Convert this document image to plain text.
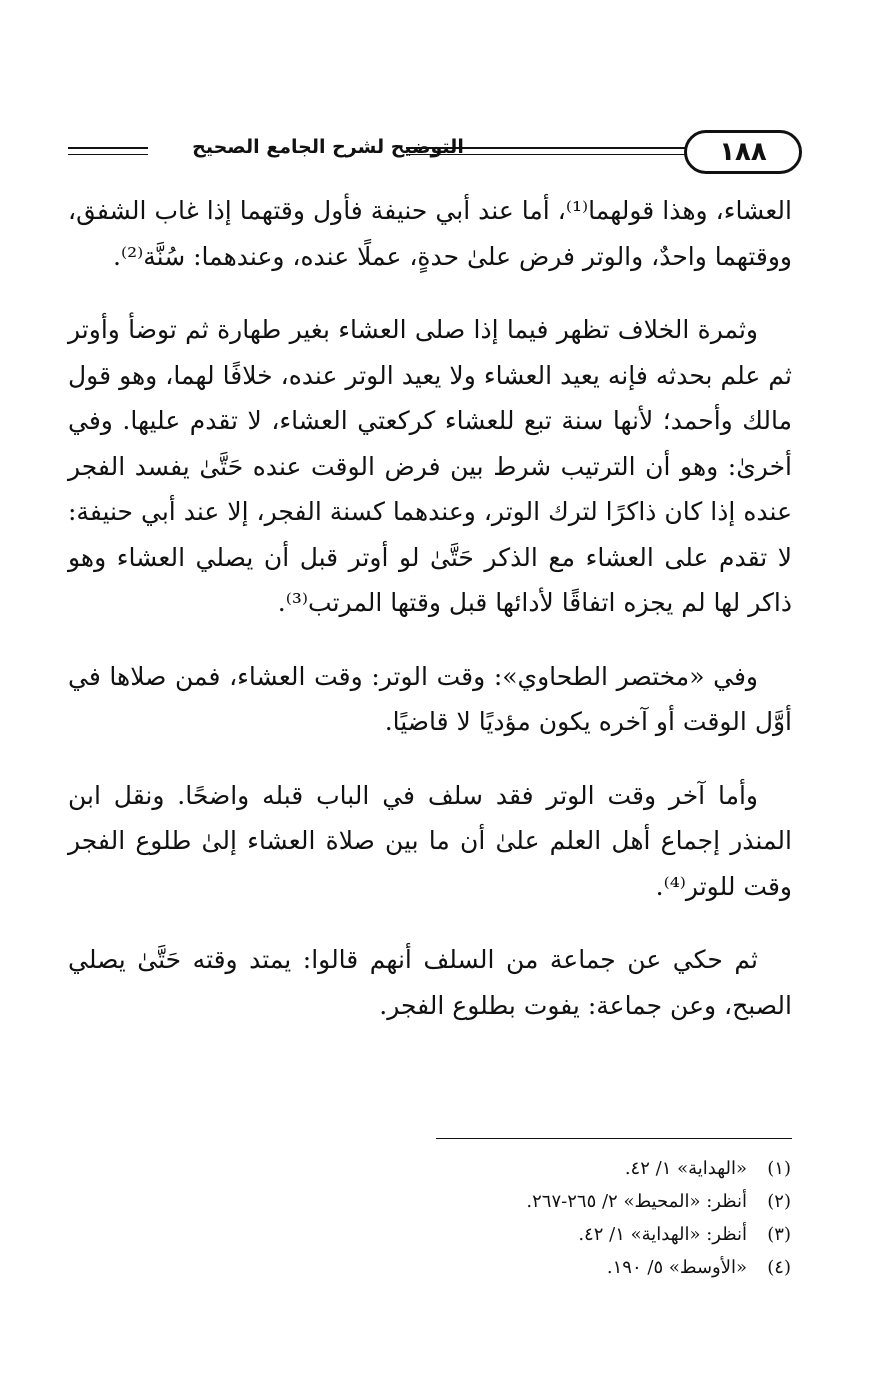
١٨٨
التوضيح لشرح الجامع الصحيح

العشاء، وهذا قولهما⁽¹⁾، أما عند أبي حنيفة فأول وقتهما إذا غاب الشفق، ووقتهما واحدٌ، والوتر فرض علىٰ حدةٍ، عملًا عنده، وعندهما: سُنَّة⁽²⁾.

وثمرة الخلاف تظهر فيما إذا صلى العشاء بغير طهارة ثم توضأ وأوتر ثم علم بحدثه فإنه يعيد العشاء ولا يعيد الوتر عنده، خلافًا لهما، وهو قول مالك وأحمد؛ لأنها سنة تبع للعشاء كركعتي العشاء، لا تقدم عليها. وفي أخرىٰ: وهو أن الترتيب شرط بين فرض الوقت عنده حَتَّىٰ يفسد الفجر عنده إذا كان ذاكرًا لترك الوتر، وعندهما كسنة الفجر، إلا عند أبي حنيفة: لا تقدم على العشاء مع الذكر حَتَّىٰ لو أوتر قبل أن يصلي العشاء وهو ذاكر لها لم يجزه اتفاقًا لأدائها قبل وقتها المرتب⁽³⁾.

وفي «مختصر الطحاوي»: وقت الوتر: وقت العشاء، فمن صلاها في أوَّل الوقت أو آخره يكون مؤديًا لا قاضيًا.

وأما آخر وقت الوتر فقد سلف في الباب قبله واضحًا. ونقل ابن المنذر إجماع أهل العلم علىٰ أن ما بين صلاة العشاء إلىٰ طلوع الفجر وقت للوتر⁽⁴⁾.

ثم حكي عن جماعة من السلف أنهم قالوا: يمتد وقته حَتَّىٰ يصلي الصبح، وعن جماعة: يفوت بطلوع الفجر.

(١)
«الهداية» ١/ ٤٢.
(٢)
أنظر: «المحيط» ٢/ ٢٦٥-٢٦٧.
(٣)
أنظر: «الهداية» ١/ ٤٢.
(٤)
«الأوسط» ٥/ ١٩٠.
